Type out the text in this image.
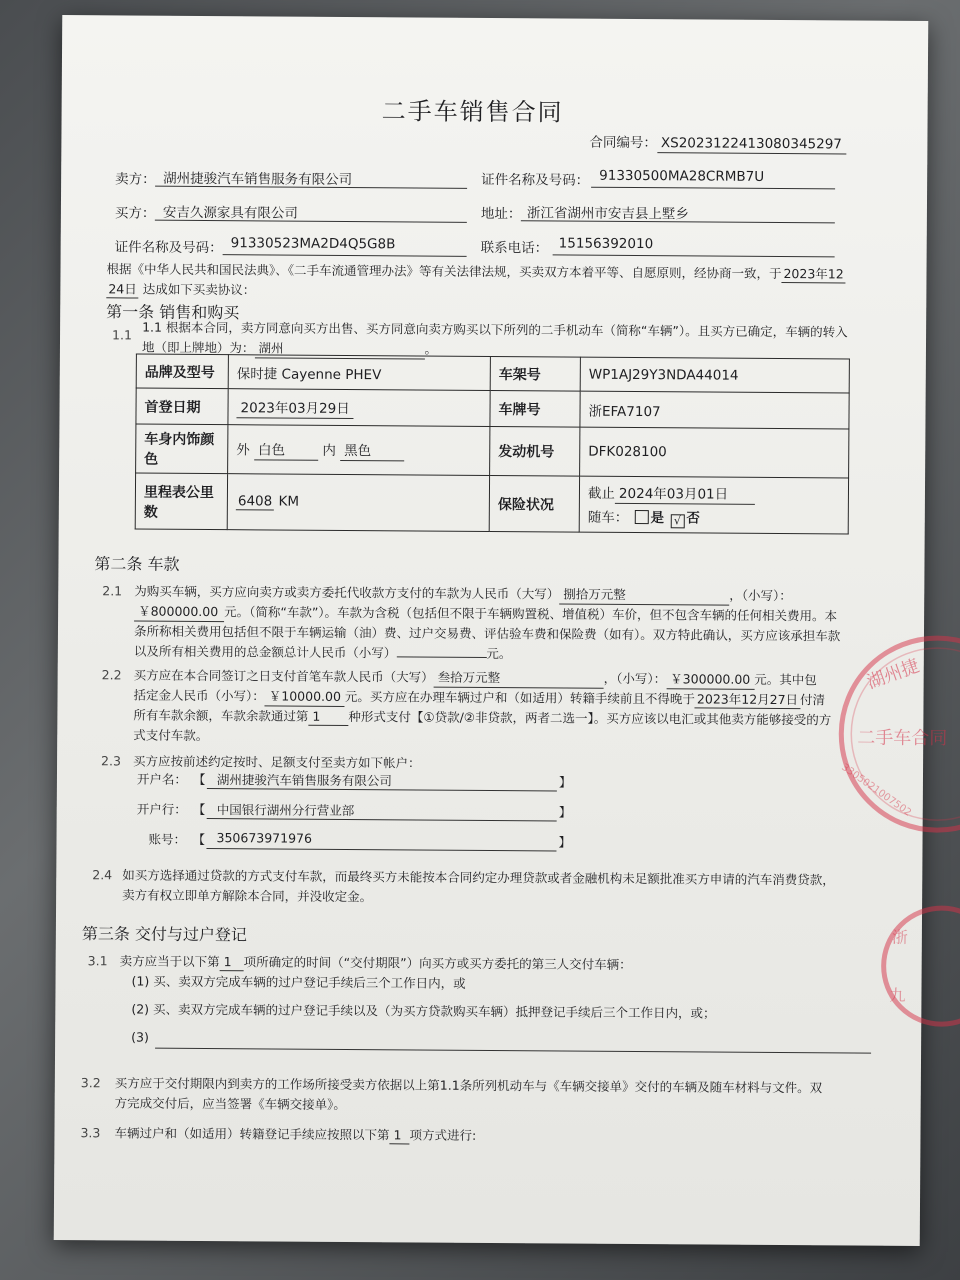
二手车销售合同
合同编号： XS2023122413080345297
卖方： 湖州捷骏汽车销售服务有限公司	证件名称及号码： 91330500MA28CRMB7U
买方： 安吉久源家具有限公司	地址： 浙江省湖州市安吉县上墅乡
证件名称及号码： 91330523MA2D4Q5G8B	联系电话： 15156392010
根据《中华人民共和国民法典》、《二手车流通管理办法》等有关法律法规，买卖双方本着平等、自愿原则，经协商一致，于 2023年12
24日 达成如下买卖协议：
第一条 销售和购买
1.1 1.1 根据本合同，卖方同意向买方出售、买方同意向卖方购买以下所列的二手机动车（简称“车辆”）。且买方已确定，车辆的转入
地（即上牌地）为： 湖州	。
品牌及型号	保时捷 Cayenne PHEV	车架号	WP1AJ29Y3NDA44014
首登日期	2023年03月29日	车牌号	浙EFA7107
车身内饰颜色	外 白色 内 黑色	发动机号	DFK028100
里程表公里数	6408 KM	保险状况	截止 2024年03月01日
随车： 是 √ 否
第二条 车款
2.1 为购买车辆，买方应向卖方或卖方委托代收款方支付的车款为人民币（大写） 捌拾万元整	，（小写）：
￥800000.00 元。（简称“车款”）。车款为含税（包括但不限于车辆购置税、增值税）车价，但不包含车辆的任何相关费用。本
条所称相关费用包括但不限于车辆运输（油）费、过户交易费、评估验车费和保险费（如有）。双方特此确认，买方应该承担车款
以及所有相关费用的总金额总计人民币（小写）	元。
2.2 买方应在本合同签订之日支付首笔车款人民币（大写） 叁拾万元整	，（小写）： ￥300000.00 元。其中包
括定金人民币（小写）： ￥10000.00 元。买方应在办理车辆过户和（如适用）转籍手续前且不得晚于 2023年12月27日 付清
所有车款余额，车款余款通过第 1 种形式支付【①贷款/②非贷款，两者二选一】。买方应该以电汇或其他卖方能够接受的方
式支付车款。
2.3 买方应按前述约定按时、足额支付至卖方如下帐户：
开户名： 【 湖州捷骏汽车销售服务有限公司	】
开户行： 【 中国银行湖州分行营业部	】
账号： 【 350673971976	】
2.4 如买方选择通过贷款的方式支付车款，而最终买方未能按本合同约定办理贷款或者金融机构未足额批准买方申请的汽车消费贷款，
卖方有权立即单方解除本合同，并没收定金。
第三条 交付与过户登记
3.1 卖方应当于以下第 1 项所确定的时间（“交付期限”）向买方或买方委托的第三人交付车辆：
(1) 买、卖双方完成车辆的过户登记手续后三个工作日内，或
(2) 买、卖双方完成车辆的过户登记手续以及（为买方贷款购买车辆）抵押登记手续后三个工作日内，或；
(3)
3.2 买方应于交付期限内到卖方的工作场所接受卖方依据以上第1.1条所列机动车与《车辆交接单》交付的车辆及随车材料与文件。双
方完成交付后，应当签署《车辆交接单》。
3.3 车辆过户和（如适用）转籍登记手续应按照以下第 1 项方式进行:
湖州捷
二手车合同
3305021007502
浙
九
